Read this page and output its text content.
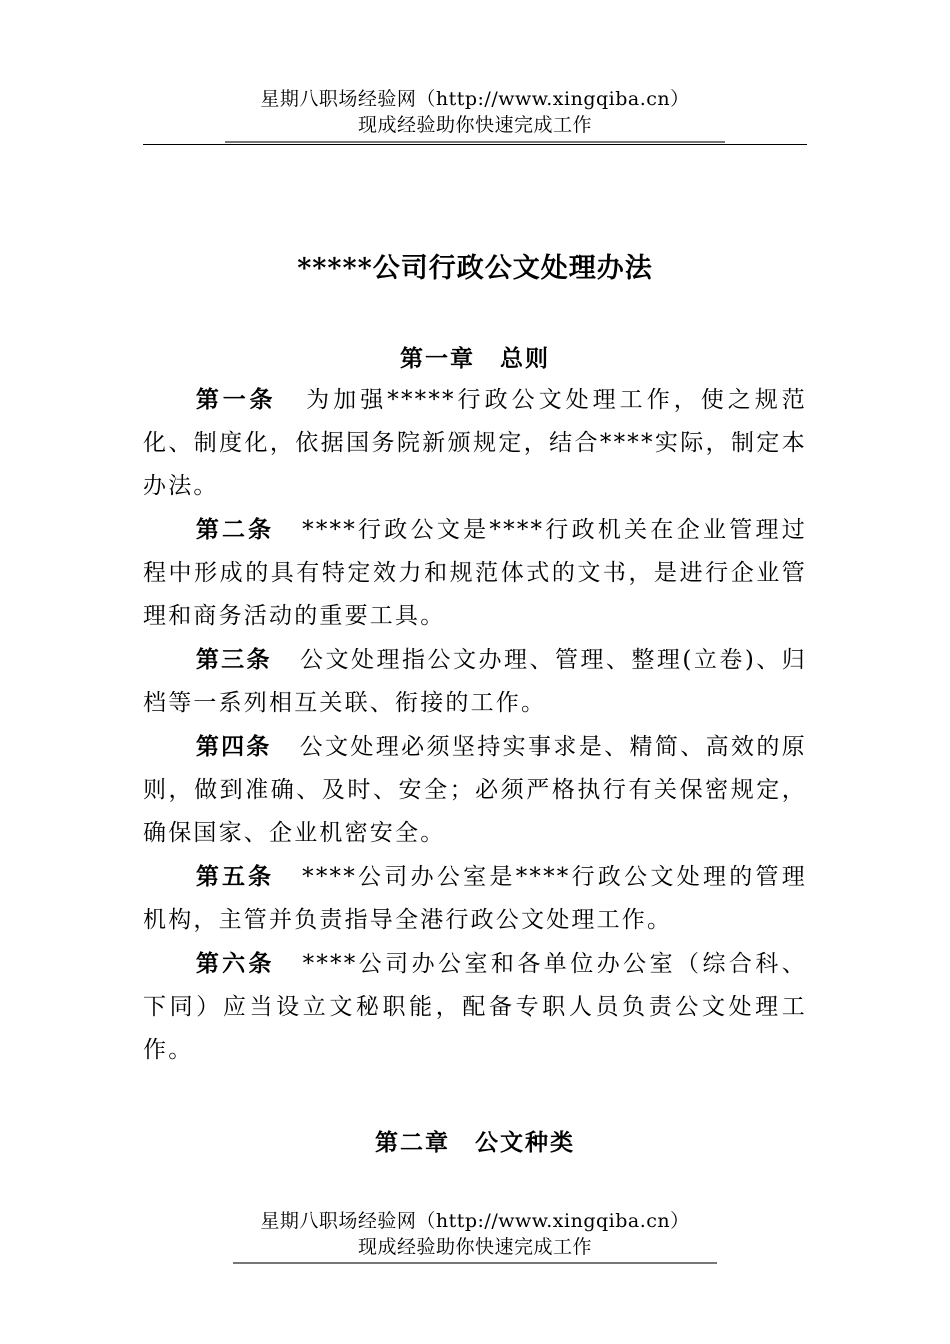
星期八职场经验网（http://www.xingqiba.cn）
现成经验助你快速完成工作
*****公司行政公文处理办法
第一章　总则
第一条 为加强*****行政公文处理工作，使之规范化、制度化，依据国务院新颁规定，结合****实际，制定本办法。
第二条 ****行政公文是****行政机关在企业管理过程中形成的具有特定效力和规范体式的文书，是进行企业管理和商务活动的重要工具。
第三条 公文处理指公文办理、管理、整理(立卷)、归档等一系列相互关联、衔接的工作。
第四条 公文处理必须坚持实事求是、精简、高效的原则，做到准确、及时、安全；必须严格执行有关保密规定，确保国家、企业机密安全。
第五条 ****公司办公室是****行政公文处理的管理机构，主管并负责指导全港行政公文处理工作。
第六条 ****公司办公室和各单位办公室（综合科、下同）应当设立文秘职能，配备专职人员负责公文处理工作。
第二章　公文种类
星期八职场经验网（http://www.xingqiba.cn）
现成经验助你快速完成工作
